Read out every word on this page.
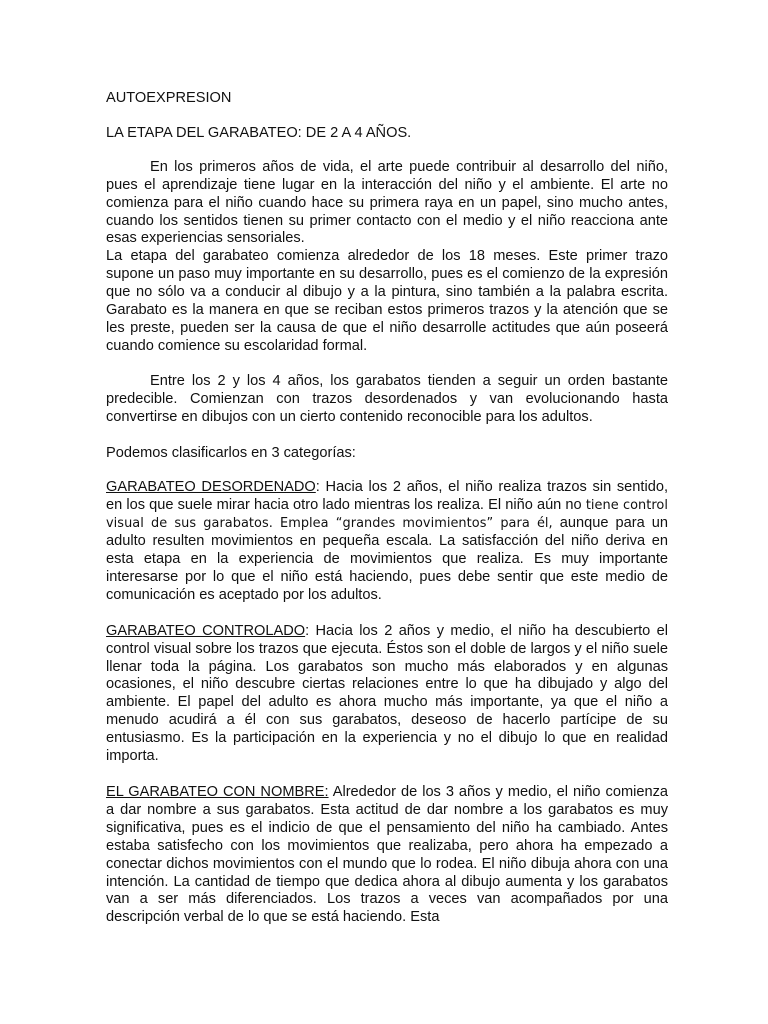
AUTOEXPRESION
LA ETAPA DEL GARABATEO: DE 2 A 4 AÑOS.

En los primeros años de vida, el arte puede contribuir al desarrollo del niño, pues el aprendizaje tiene lugar en la interacción del niño y el ambiente. El arte no comienza para el niño cuando hace su primera raya en un papel, sino mucho antes, cuando los sentidos tienen su primer contacto con el medio y el niño reacciona ante esas experiencias sensoriales.

La etapa del garabateo comienza alrededor de los 18 meses. Este primer trazo supone un paso muy importante en su desarrollo, pues es el comienzo de la expresión que no sólo va a conducir al dibujo y a la pintura, sino también a la palabra escrita. Garabato es la manera en que se reciban estos primeros trazos y la atención que se les preste, pueden ser la causa de que el niño desarrolle actitudes que aún poseerá cuando comience su escolaridad formal.

Entre los 2 y los 4 años, los garabatos tienden a seguir un orden bastante predecible. Comienzan con trazos desordenados y van evolucionando hasta convertirse en dibujos con un cierto contenido reconocible para los adultos.

Podemos clasificarlos en 3 categorías:

GARABATEO DESORDENADO: Hacia los 2 años, el niño realiza trazos sin sentido, en los que suele mirar hacia otro lado mientras los realiza. El niño aún no tiene control visual de sus garabatos. Emplea “grandes movimientos” para él, aunque para un adulto resulten movimientos en pequeña escala. La satisfacción del niño deriva en esta etapa en la experiencia de movimientos que realiza. Es muy importante interesarse por lo que el niño está haciendo, pues debe sentir que este medio de comunicación es aceptado por los adultos.

GARABATEO CONTROLADO: Hacia los 2 años y medio, el niño ha descubierto el control visual sobre los trazos que ejecuta. Éstos son el doble de largos y el niño suele llenar toda la página. Los garabatos son mucho más elaborados y en algunas ocasiones, el niño descubre ciertas relaciones entre lo que ha dibujado y algo del ambiente. El papel del adulto es ahora mucho más importante, ya que el niño a menudo acudirá a él con sus garabatos, deseoso de hacerlo partícipe de su entusiasmo. Es la participación en la experiencia y no el dibujo lo que en realidad importa.

EL GARABATEO CON NOMBRE: Alrededor de los 3 años y medio, el niño comienza a dar nombre a sus garabatos. Esta actitud de dar nombre a los garabatos es muy significativa, pues es el indicio de que el pensamiento del niño ha cambiado. Antes estaba satisfecho con los movimientos que realizaba, pero ahora ha empezado a conectar dichos movimientos con el mundo que lo rodea. El niño dibuja ahora con una intención. La cantidad de tiempo que dedica ahora al dibujo aumenta y los garabatos van a ser más diferenciados. Los trazos a veces van acompañados por una descripción verbal de lo que se está haciendo. Esta
